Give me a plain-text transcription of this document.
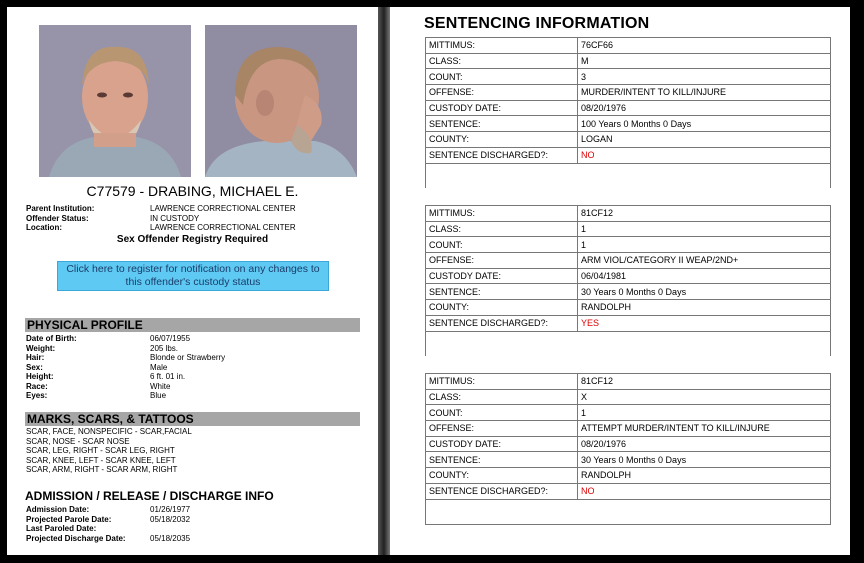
C77579 - DRABING, MICHAEL E.
Parent Institution:	LAWRENCE CORRECTIONAL CENTER
Offender Status:	IN CUSTODY
Location:	LAWRENCE CORRECTIONAL CENTER
Sex Offender Registry Required
Click here to register for notification on any changes to this offender's custody status
PHYSICAL PROFILE
Date of Birth:	06/07/1955
Weight:	205 lbs.
Hair:	Blonde or Strawberry
Sex:	Male
Height:	6 ft. 01 in.
Race:	White
Eyes:	Blue
MARKS, SCARS, & TATTOOS
SCAR, FACE, NONSPECIFIC - SCAR,FACIAL
SCAR, NOSE - SCAR NOSE
SCAR, LEG, RIGHT - SCAR LEG, RIGHT
SCAR, KNEE, LEFT - SCAR KNEE, LEFT
SCAR, ARM, RIGHT - SCAR ARM, RIGHT
ADMISSION / RELEASE / DISCHARGE INFO
Admission Date:	01/26/1977
Projected Parole Date:	05/18/2032
Last Paroled Date:
Projected Discharge Date:	05/18/2035
SENTENCING INFORMATION
MITTIMUS:	76CF66
CLASS:	M
COUNT:	3
OFFENSE:	MURDER/INTENT TO KILL/INJURE
CUSTODY DATE:	08/20/1976
SENTENCE:	100 Years 0 Months 0 Days
COUNTY:	LOGAN
SENTENCE DISCHARGED?:	NO

MITTIMUS:	81CF12
CLASS:	1
COUNT:	1
OFFENSE:	ARM VIOL/CATEGORY II WEAP/2ND+
CUSTODY DATE:	06/04/1981
SENTENCE:	30 Years 0 Months 0 Days
COUNTY:	RANDOLPH
SENTENCE DISCHARGED?:	YES

MITTIMUS:	81CF12
CLASS:	X
COUNT:	1
OFFENSE:	ATTEMPT MURDER/INTENT TO KILL/INJURE
CUSTODY DATE:	08/20/1976
SENTENCE:	30 Years 0 Months 0 Days
COUNTY:	RANDOLPH
SENTENCE DISCHARGED?:	NO
